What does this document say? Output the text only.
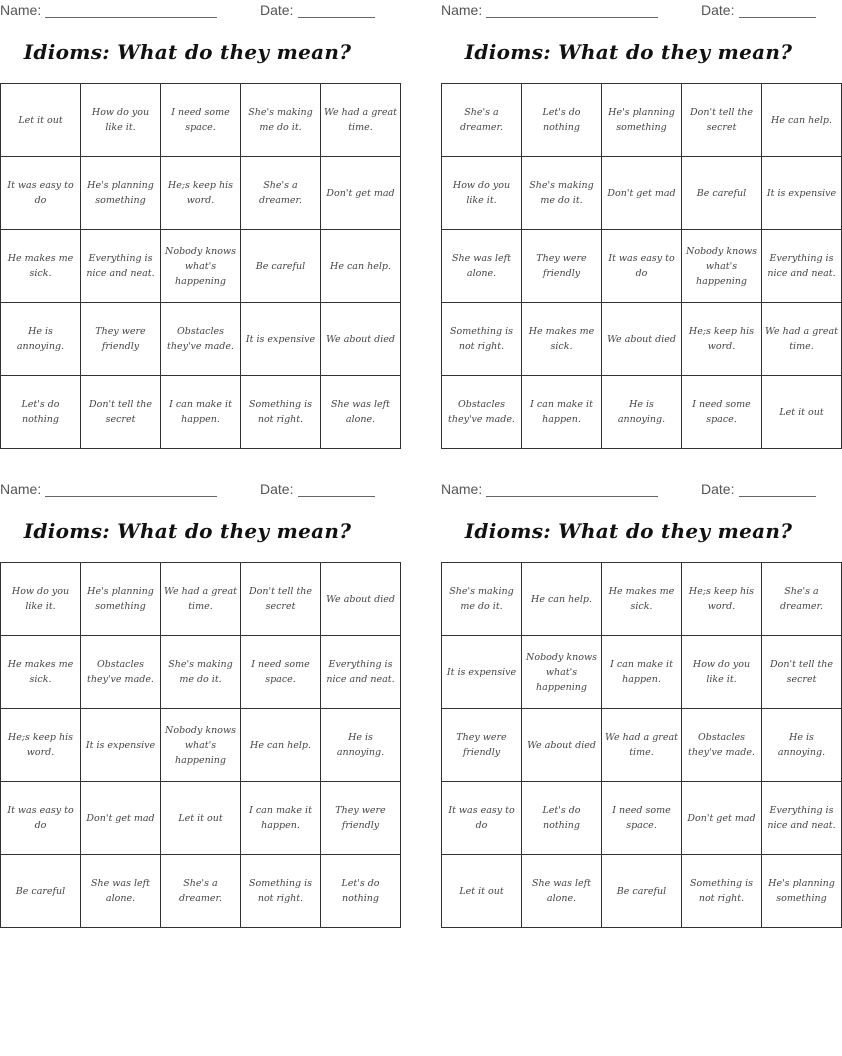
Name:	Date:
Idioms: What do they mean?
Let it out	How do you like it.	I need some space.	She's making me do it.	We had a great time.
It was easy to do	He's planning something	He;s keep his word.	She's a dreamer.	Don't get mad
He makes me sick.	Everything is nice and neat.	Nobody knows what's happening	Be careful	He can help.
He is annoying.	They were friendly	Obstacles they've made.	It is expensive	We about died
Let's do nothing	Don't tell the secret	I can make it happen.	Something is not right.	She was left alone.
Name:	Date:
Idioms: What do they mean?
She's a dreamer.	Let's do nothing	He's planning something	Don't tell the secret	He can help.
How do you like it.	She's making me do it.	Don't get mad	Be careful	It is expensive
She was left alone.	They were friendly	It was easy to do	Nobody knows what's happening	Everything is nice and neat.
Something is not right.	He makes me sick.	We about died	He;s keep his word.	We had a great time.
Obstacles they've made.	I can make it happen.	He is annoying.	I need some space.	Let it out
Name:	Date:
Idioms: What do they mean?
How do you like it.	He's planning something	We had a great time.	Don't tell the secret	We about died
He makes me sick.	Obstacles they've made.	She's making me do it.	I need some space.	Everything is nice and neat.
He;s keep his word.	It is expensive	Nobody knows what's happening	He can help.	He is annoying.
It was easy to do	Don't get mad	Let it out	I can make it happen.	They were friendly
Be careful	She was left alone.	She's a dreamer.	Something is not right.	Let's do nothing
Name:	Date:
Idioms: What do they mean?
She's making me do it.	He can help.	He makes me sick.	He;s keep his word.	She's a dreamer.
It is expensive	Nobody knows what's happening	I can make it happen.	How do you like it.	Don't tell the secret
They were friendly	We about died	We had a great time.	Obstacles they've made.	He is annoying.
It was easy to do	Let's do nothing	I need some space.	Don't get mad	Everything is nice and neat.
Let it out	She was left alone.	Be careful	Something is not right.	He's planning something
